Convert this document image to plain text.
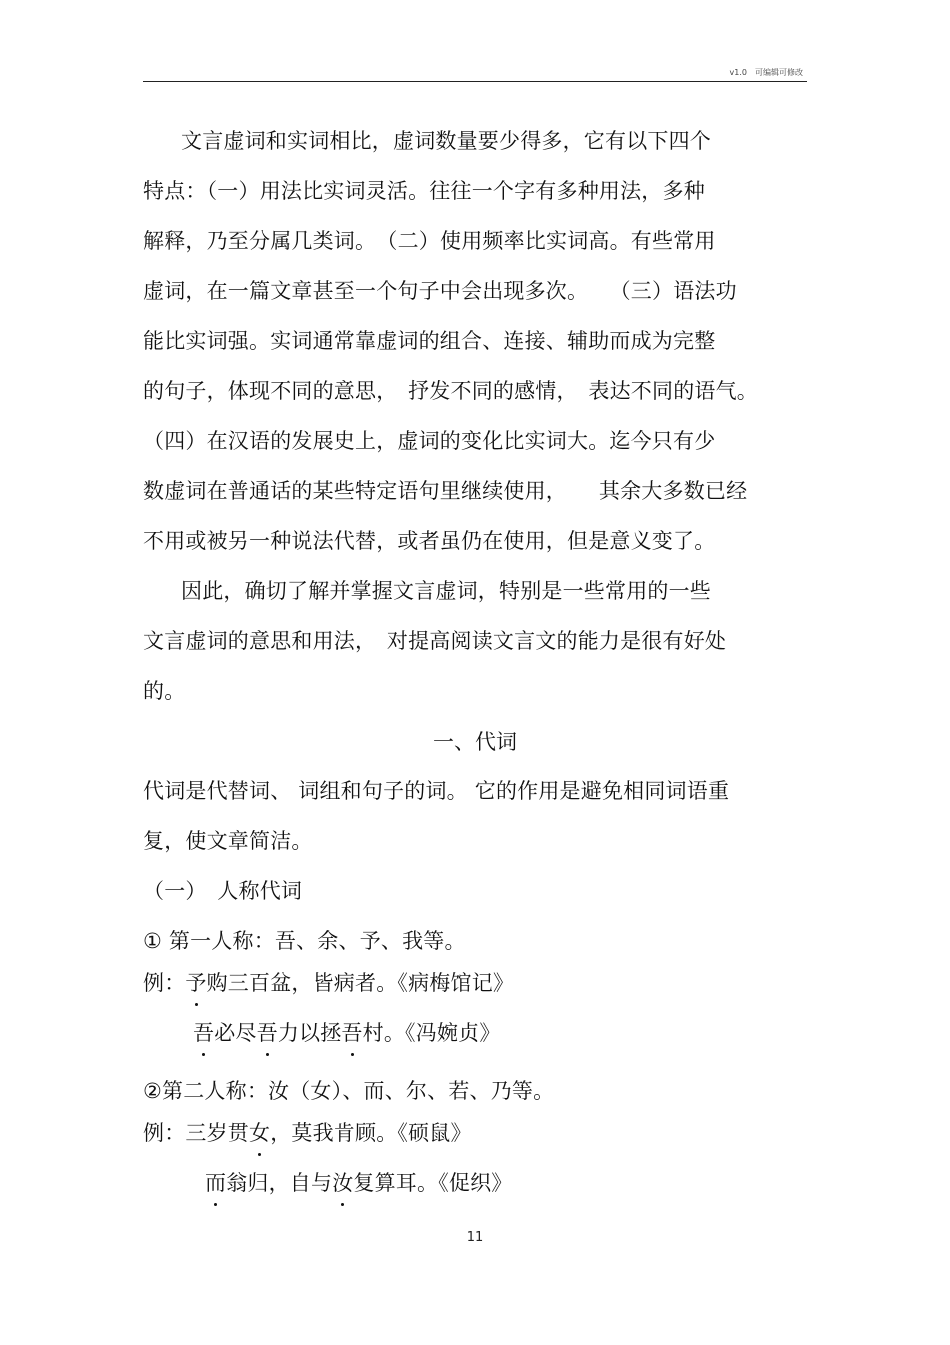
v1.0　可编辑可修改
文言虚词和实词相比，虚词数量要少得多，它有以下四个
特点：（一）用法比实词灵活。往往一个字有多种用法，多种
解释，乃至分属几类词。　（二）使用频率比实词高。有些常用
虚词，在一篇文章甚至一个句子中会出现多次。　　（三）语法功
能比实词强。实词通常靠虚词的组合、连接、辅助而成为完整
的句子，体现不同的意思，　抒发不同的感情，　表达不同的语气。
（四）在汉语的发展史上，虚词的变化比实词大。迄今只有少
数虚词在普通话的某些特定语句里继续使用，　　其余大多数已经
不用或被另一种说法代替，或者虽仍在使用，但是意义变了。
因此，确切了解并掌握文言虚词，特别是一些常用的一些
文言虚词的意思和用法，　对提高阅读文言文的能力是很有好处
的。
一、代词
代词是代替词、 词组和句子的词。 它的作用是避免相同词语重
复，使文章简洁。
（一）　人称代词
① 第一人称：吾、余、予、我等。
例：予购三百盆，皆病者。《病梅馆记》
吾必尽吾力以拯吾村。《冯婉贞》
②第二人称：汝（女）、而、尔、若、乃等。
例：三岁贯女，莫我肯顾。《硕鼠》
而翁归，自与汝复算耳。《促织》
11
